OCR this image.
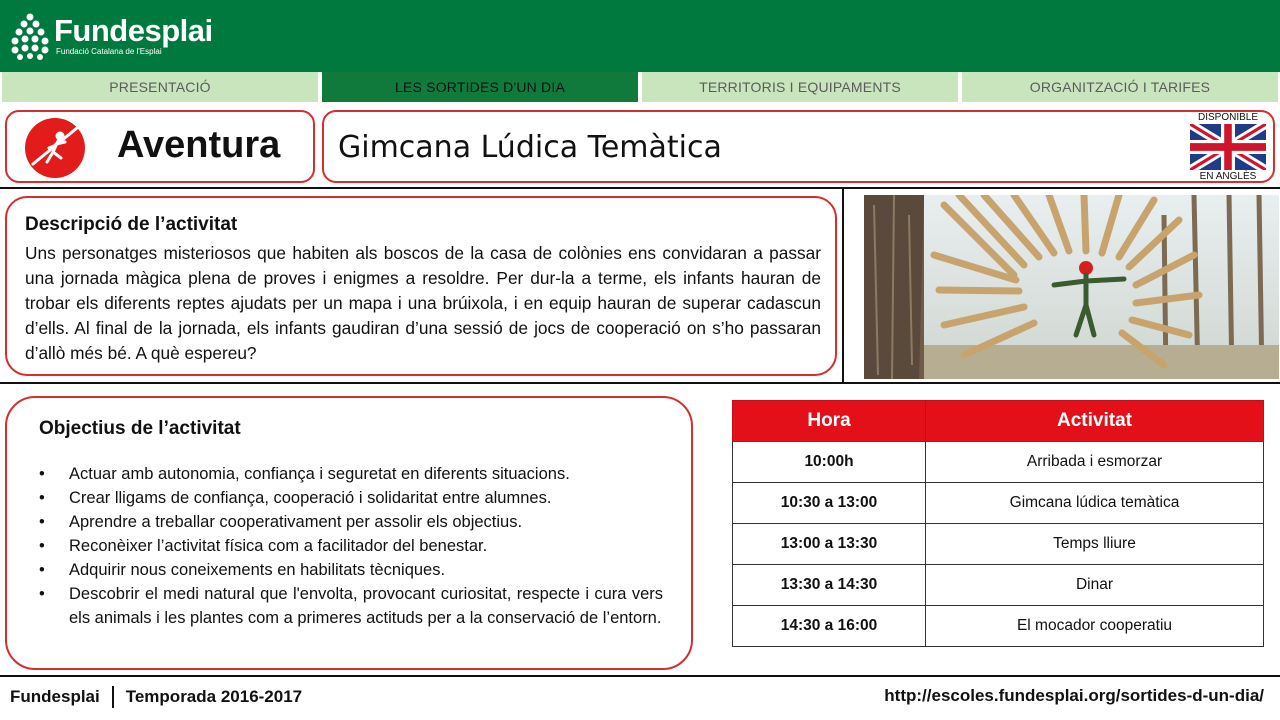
Fundesplai
Fundació Catalana de l'Esplai
PRESENTACIÓ	LES SORTIDES D'UN DIA	TERRITORIS I EQUIPAMENTS	ORGANITZACIÓ I TARIFES
Aventura Gimcana Lúdica Temàtica
DISPONIBLE
EN ANGLÈS
Descripció de l’activitat
Uns personatges misteriosos que habiten als boscos de la casa de colònies ens convidaran a passar una jornada màgica plena de proves i enigmes a resoldre. Per dur-la a terme, els infants hauran de trobar els diferents reptes ajudats per un mapa i una brúixola, i en equip hauran de superar cadascun d’ells. Al final de la jornada, els infants gaudiran d’una sessió de jocs de cooperació on s’ho passaran d’allò més bé. A què espereu?
Objectius de l’activitat
• Actuar amb autonomia, confiança i seguretat en diferents situacions.
• Crear lligams de confiança, cooperació i solidaritat entre alumnes.
• Aprendre a treballar cooperativament per assolir els objectius.
• Reconèixer l’activitat física com a facilitador del benestar.
• Adquirir nous coneixements en habilitats tècniques.
• Descobrir el medi natural que l'envolta, provocant curiositat, respecte i cura vers els animals i les plantes com a primeres actituds per a la conservació de l’entorn.
Hora	Activitat
10:00h	Arribada i esmorzar
10:30 a 13:00	Gimcana lúdica temàtica
13:00 a 13:30	Temps lliure
13:30 a 14:30	Dinar
14:30 a 16:00	El mocador cooperatiu
Fundesplai Temporada 2016-2017	http://escoles.fundesplai.org/sortides-d-un-dia/
